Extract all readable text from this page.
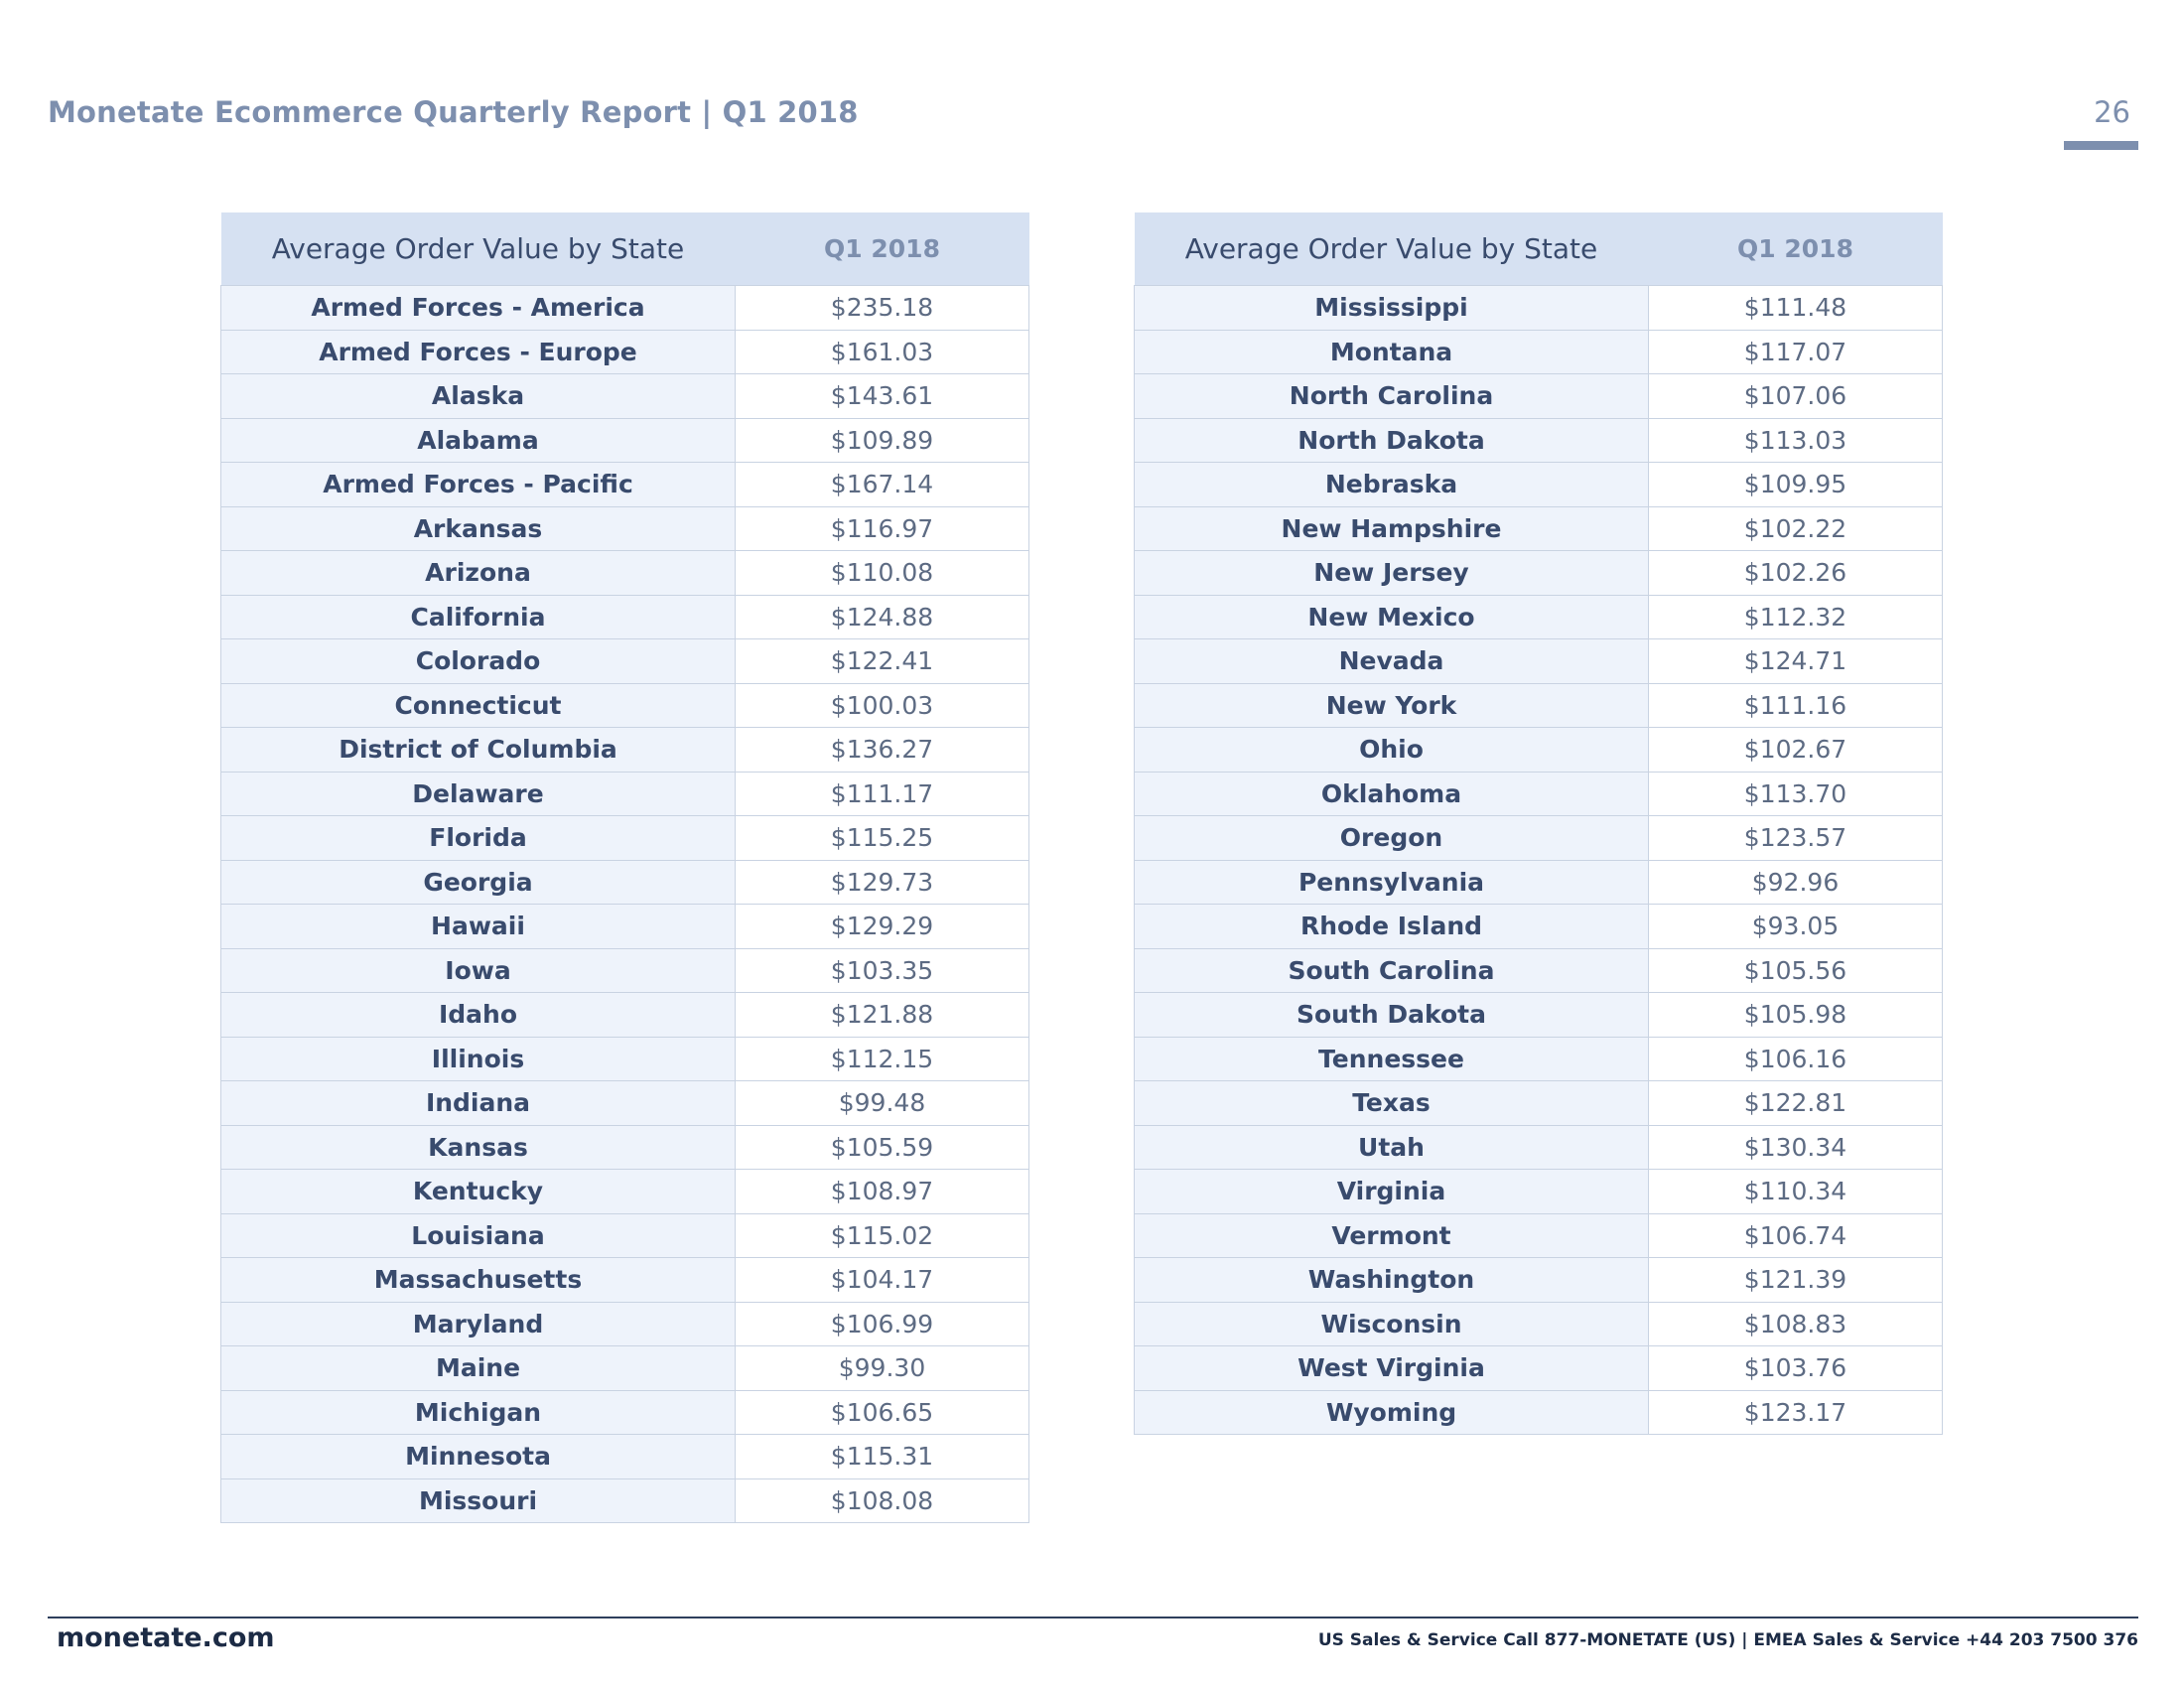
Monetate Ecommerce Quarterly Report | Q1 2018	26
Average Order Value by State	Q1 2018
Armed Forces - America	$235.18
Armed Forces - Europe	$161.03
Alaska	$143.61
Alabama	$109.89
Armed Forces - Pacific	$167.14
Arkansas	$116.97
Arizona	$110.08
California	$124.88
Colorado	$122.41
Connecticut	$100.03
District of Columbia	$136.27
Delaware	$111.17
Florida	$115.25
Georgia	$129.73
Hawaii	$129.29
Iowa	$103.35
Idaho	$121.88
Illinois	$112.15
Indiana	$99.48
Kansas	$105.59
Kentucky	$108.97
Louisiana	$115.02
Massachusetts	$104.17
Maryland	$106.99
Maine	$99.30
Michigan	$106.65
Minnesota	$115.31
Missouri	$108.08
Average Order Value by State	Q1 2018
Mississippi	$111.48
Montana	$117.07
North Carolina	$107.06
North Dakota	$113.03
Nebraska	$109.95
New Hampshire	$102.22
New Jersey	$102.26
New Mexico	$112.32
Nevada	$124.71
New York	$111.16
Ohio	$102.67
Oklahoma	$113.70
Oregon	$123.57
Pennsylvania	$92.96
Rhode Island	$93.05
South Carolina	$105.56
South Dakota	$105.98
Tennessee	$106.16
Texas	$122.81
Utah	$130.34
Virginia	$110.34
Vermont	$106.74
Washington	$121.39
Wisconsin	$108.83
West Virginia	$103.76
Wyoming	$123.17
monetate.com	US Sales & Service Call 877-MONETATE (US) | EMEA Sales & Service +44 203 7500 376
